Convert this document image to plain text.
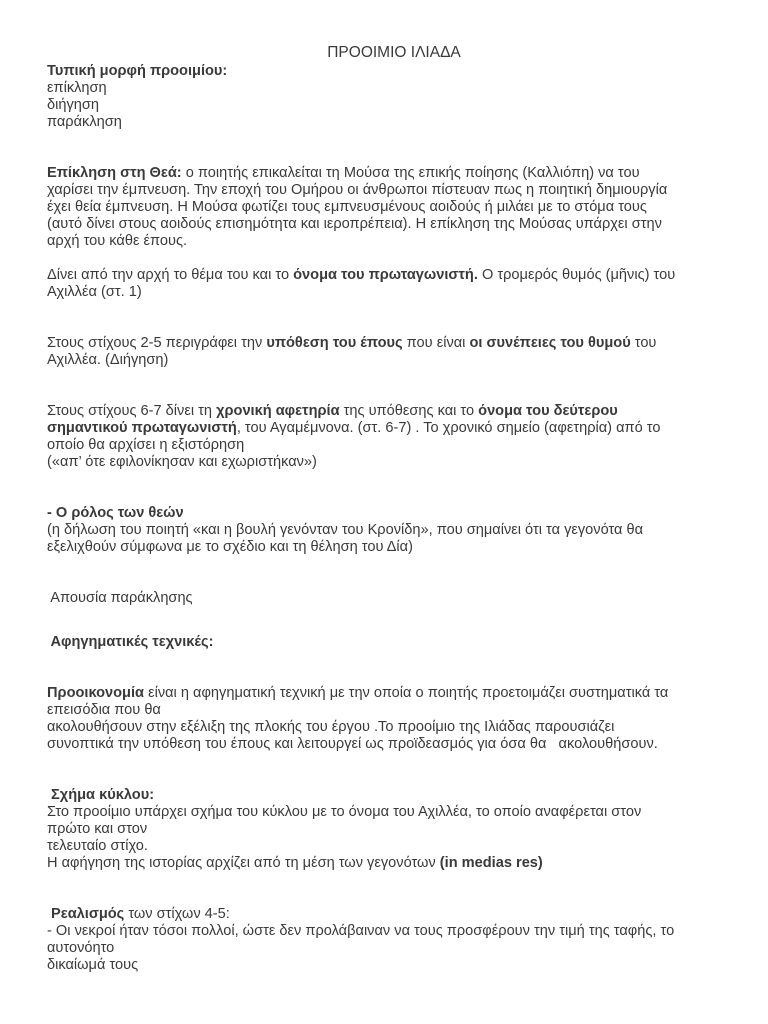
ΠΡΟΟΙΜΙΟ ΙΛΙΑΔΑ

Τυπική μορφή προοιμίου:

επίκληση

διήγηση

παράκληση

Επίκληση στη Θεά: ο ποιητής επικαλείται τη Μούσα της επικής ποίησης (Καλλιόπη) να του

χαρίσει την έμπνευση. Την εποχή του Ομήρου οι άνθρωποι πίστευαν πως η ποιητική δημιουργία

έχει θεία έμπνευση. Η Μούσα φωτίζει τους εμπνευσμένους αοιδούς ή μιλάει με το στόμα τους

(αυτό δίνει στους αοιδούς επισημότητα και ιεροπρέπεια). Η επίκληση της Μούσας υπάρχει στην

αρχή του κάθε έπους.

Δίνει από την αρχή το θέμα του και το όνομα του πρωταγωνιστή. Ο τρομερός θυμός (μῆνις) του

Αχιλλέα (στ. 1)

Στους στίχους 2-5 περιγράφει την υπόθεση του έπους που είναι οι συνέπειες του θυμού του

Αχιλλέα. (Διήγηση)

Στους στίχους 6-7 δίνει τη χρονική αφετηρία της υπόθεσης και το όνομα του δεύτερου

σημαντικού πρωταγωνιστή, του Αγαμέμνονα. (στ. 6-7) . Το χρονικό σημείο (αφετηρία) από το

οποίο θα αρχίσει η εξιστόρηση

(«απ’ ότε εφιλονίκησαν και εχωριστήκαν»)

- Ο ρόλος των θεών

(η δήλωση του ποιητή «και η βουλή γενόνταν του Κρονίδη», που σημαίνει ότι τα γεγονότα θα

εξελιχθούν σύμφωνα με το σχέδιο και τη θέληση του Δία)

Απουσία παράκλησης

Αφηγηματικές τεχνικές:

Προοικονομία είναι η αφηγηματική τεχνική με την οποία ο ποιητής προετοιμάζει συστηματικά τα

επεισόδια που θα

ακολουθήσουν στην εξέλιξη της πλοκής του έργου .Το προοίμιο της Ιλιάδας παρουσιάζει

συνοπτικά την υπόθεση του έπους και λειτουργεί ως προϊδεασμός για όσα θα   ακολουθήσουν.

Σχήμα κύκλου:

Στο προοίμιο υπάρχει σχήμα του κύκλου με το όνομα του Αχιλλέα, το οποίο αναφέρεται στον

πρώτο και στον

τελευταίο στίχο.

Η αφήγηση της ιστορίας αρχίζει από τη μέση των γεγονότων (in medias res)

Ρεαλισμός των στίχων 4-5:

- Οι νεκροί ήταν τόσοι πολλοί, ώστε δεν προλάβαιναν να τους προσφέρουν την τιμή της ταφής, το

αυτονόητο

δικαίωμά τους
